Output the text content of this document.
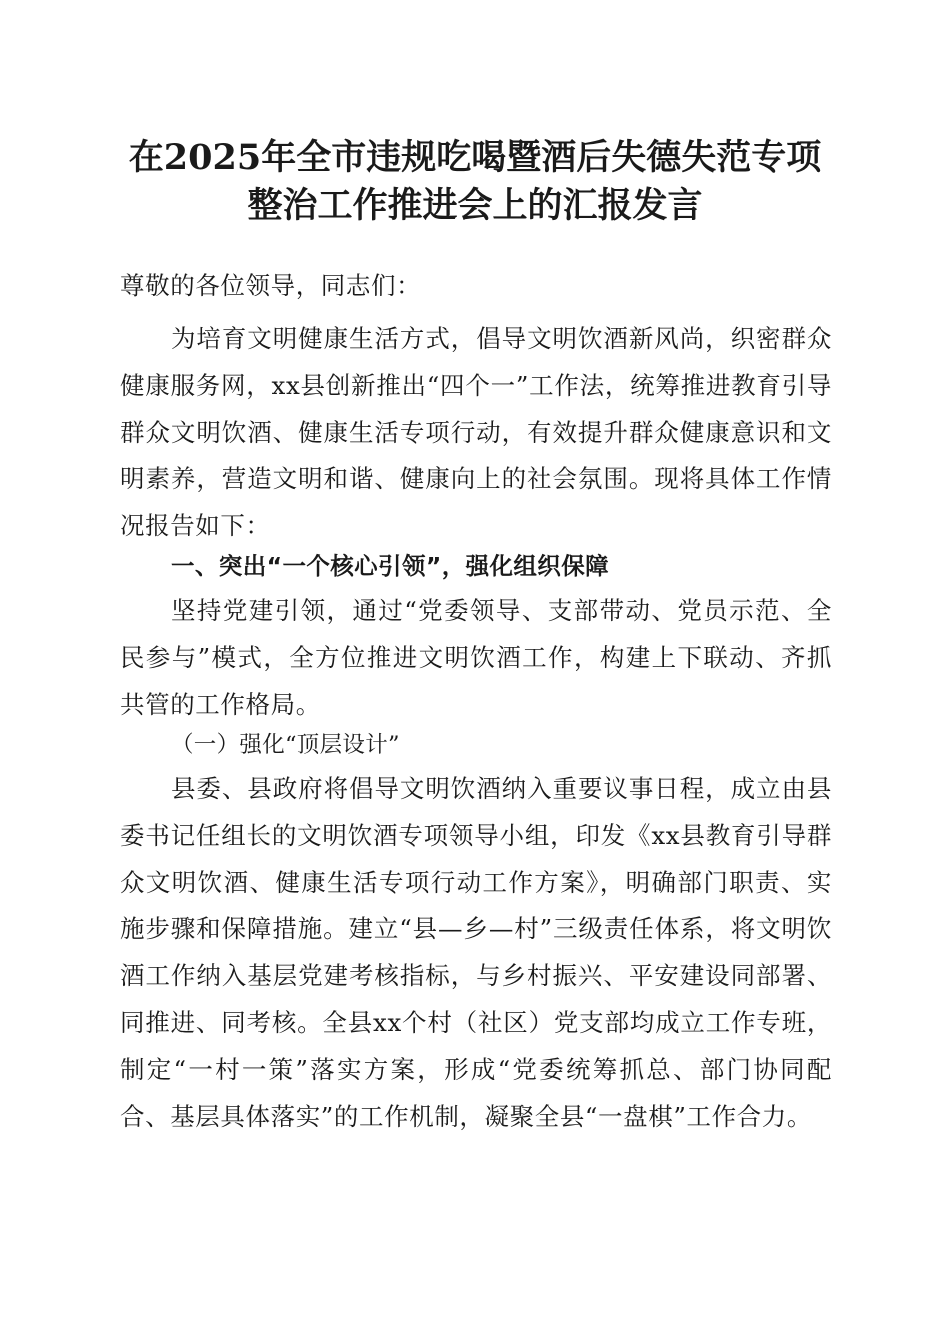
在2025年全市违规吃喝暨酒后失德失范专项
整治工作推进会上的汇报发言
尊敬的各位领导，同志们：
为培育文明健康生活方式，倡导文明饮酒新风尚，织密群众健康服务网，xx县创新推出“四个一”工作法，统筹推进教育引导群众文明饮酒、健康生活专项行动，有效提升群众健康意识和文明素养，营造文明和谐、健康向上的社会氛围。现将具体工作情况报告如下：
一、突出“一个核心引领”，强化组织保障
坚持党建引领，通过“党委领导、支部带动、党员示范、全民参与”模式，全方位推进文明饮酒工作，构建上下联动、齐抓共管的工作格局。
（一）强化“顶层设计”
县委、县政府将倡导文明饮酒纳入重要议事日程，成立由县委书记任组长的文明饮酒专项领导小组，印发《xx县教育引导群众文明饮酒、健康生活专项行动工作方案》，明确部门职责、实施步骤和保障措施。建立“县—乡—村”三级责任体系，将文明饮酒工作纳入基层党建考核指标，与乡村振兴、平安建设同部署、同推进、同考核。全县xx个村（社区）党支部均成立工作专班，制定“一村一策”落实方案，形成“党委统筹抓总、部门协同配合、基层具体落实”的工作机制，凝聚全县“一盘棋”工作合力。
